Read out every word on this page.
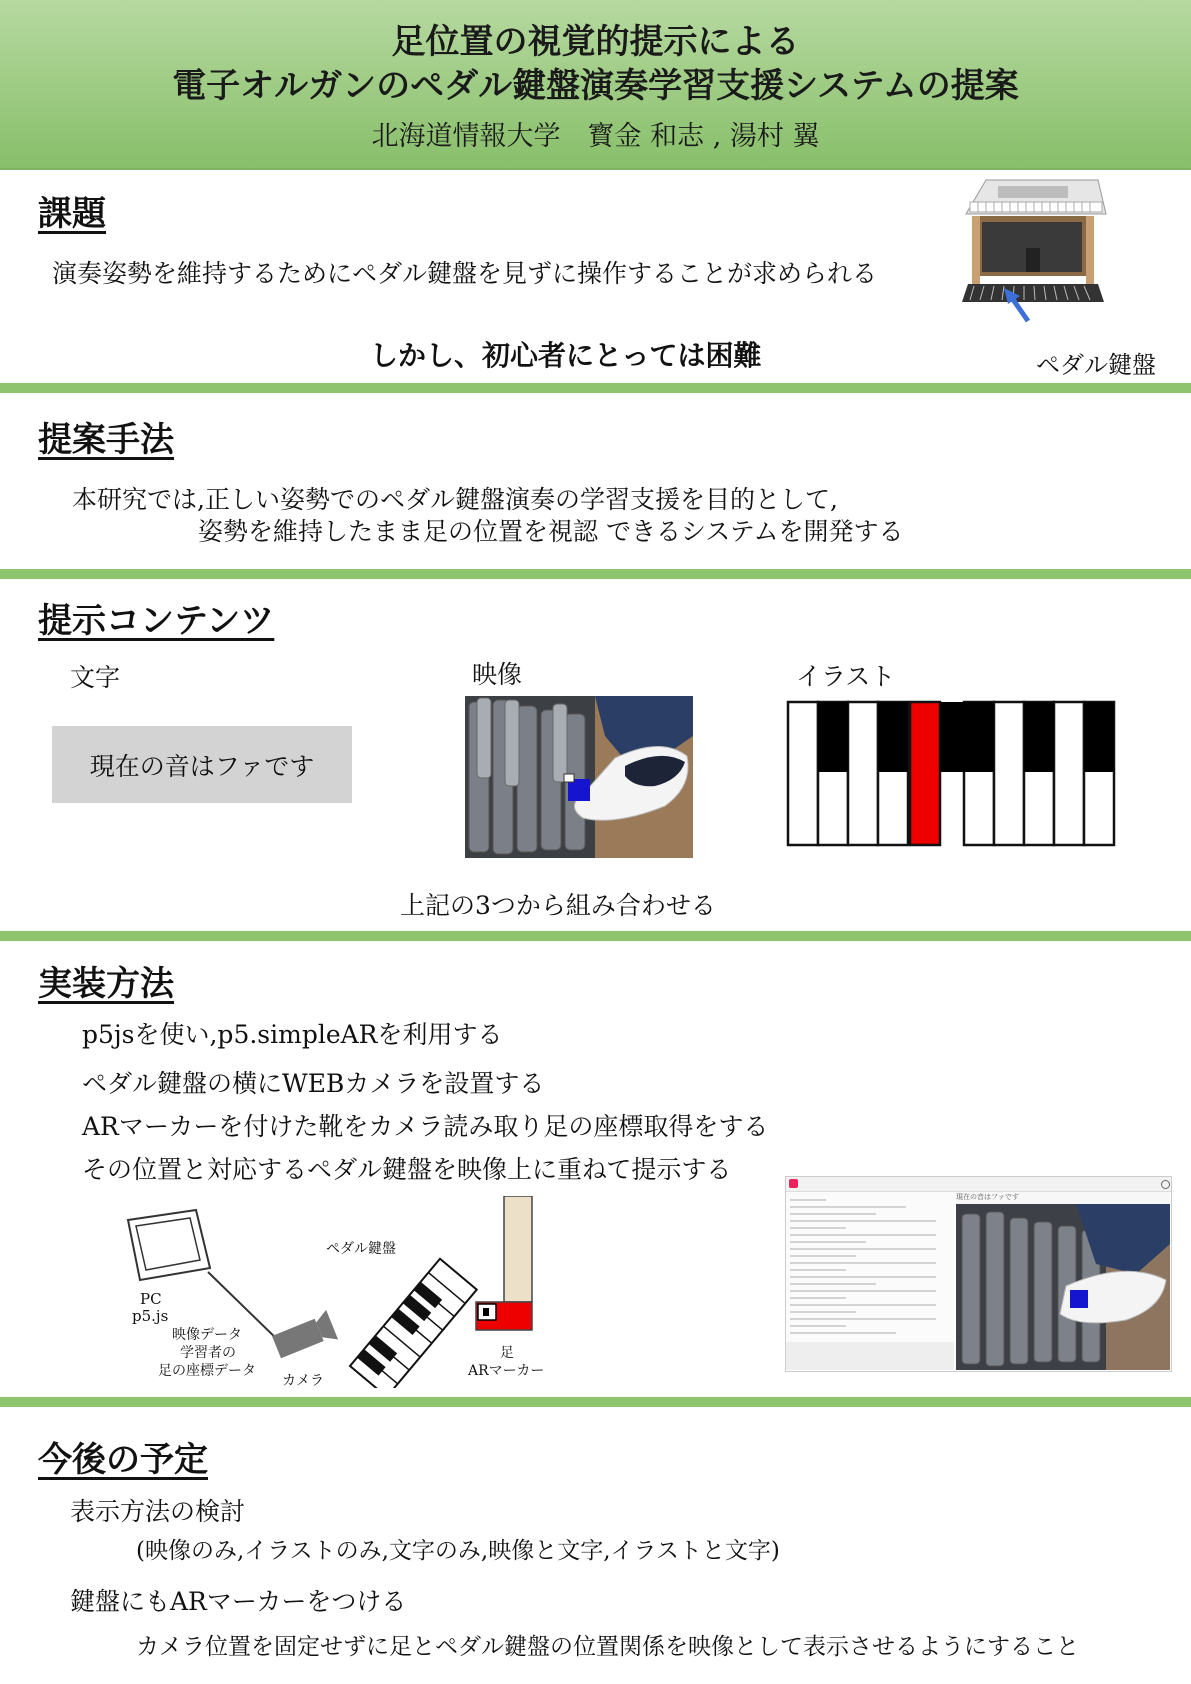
足位置の視覚的提示による
電子オルガンのペダル鍵盤演奏学習支援システムの提案
北海道情報大学　寳金 和志 , 湯村 翼
課題
演奏姿勢を維持するためにペダル鍵盤を見ずに操作することが求められる
しかし、初心者にとっては困難	ペダル鍵盤
提案手法
本研究では,正しい姿勢でのペダル鍵盤演奏の学習支援を目的として,
姿勢を維持したまま足の位置を視認 できるシステムを開発する
提示コンテンツ
文字	映像	イラスト
現在の音はファです
上記の3つから組み合わせる
実装方法
p5jsを使い,p5.simpleARを利用する
ペダル鍵盤の横にWEBカメラを設置する
ARマーカーを付けた靴をカメラ読み取り足の座標取得をする
その位置と対応するペダル鍵盤を映像上に重ねて提示する
PC
p5.js
映像データ
学習者の
足の座標データ
カメラ
ペダル鍵盤
足
ARマーカー
現在の音はファです
今後の予定
表示方法の検討
(映像のみ,イラストのみ,文字のみ,映像と文字,イラストと文字)
鍵盤にもARマーカーをつける
カメラ位置を固定せずに足とペダル鍵盤の位置関係を映像として表示させるようにすること
